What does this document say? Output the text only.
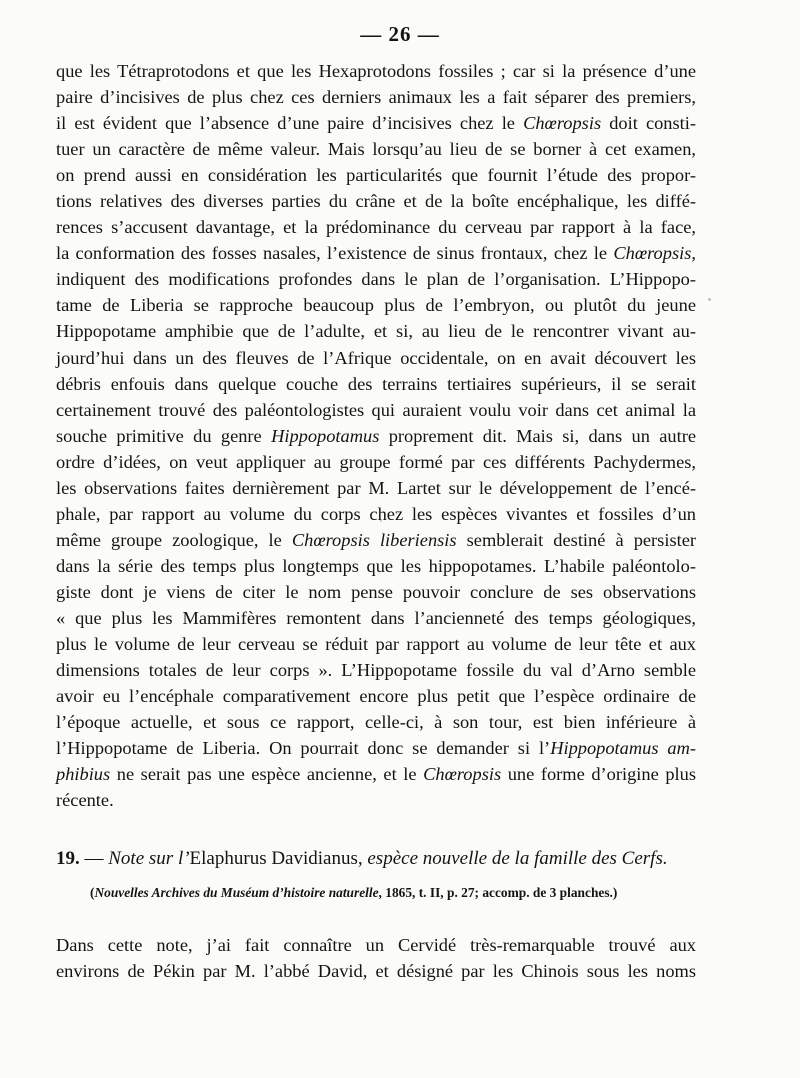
— 26 —
que les Tétraprotodons et que les Hexaprotodons fossiles ; car si la présence d’une
paire d’incisives de plus chez ces derniers animaux les a fait séparer des premiers,
il est évident que l’absence d’une paire d’incisives chez le Chœropsis doit consti-
tuer un caractère de même valeur. Mais lorsqu’au lieu de se borner à cet examen,
on prend aussi en considération les particularités que fournit l’étude des propor-
tions relatives des diverses parties du crâne et de la boîte encéphalique, les diffé-
rences s’accusent davantage, et la prédominance du cerveau par rapport à la face,
la conformation des fosses nasales, l’existence de sinus frontaux, chez le Chœropsis,
indiquent des modifications profondes dans le plan de l’organisation. L’Hippopo-
tame de Liberia se rapproche beaucoup plus de l’embryon, ou plutôt du jeune
Hippopotame amphibie que de l’adulte, et si, au lieu de le rencontrer vivant au-
jourd’hui dans un des fleuves de l’Afrique occidentale, on en avait découvert les
débris enfouis dans quelque couche des terrains tertiaires supérieurs, il se serait
certainement trouvé des paléontologistes qui auraient voulu voir dans cet animal la
souche primitive du genre Hippopotamus proprement dit. Mais si, dans un autre
ordre d’idées, on veut appliquer au groupe formé par ces différents Pachydermes,
les observations faites dernièrement par M. Lartet sur le développement de l’encé-
phale, par rapport au volume du corps chez les espèces vivantes et fossiles d’un
même groupe zoologique, le Chœropsis liberiensis semblerait destiné à persister
dans la série des temps plus longtemps que les hippopotames. L’habile paléontolo-
giste dont je viens de citer le nom pense pouvoir conclure de ses observations
« que plus les Mammifères remontent dans l’ancienneté des temps géologiques,
plus le volume de leur cerveau se réduit par rapport au volume de leur tête et aux
dimensions totales de leur corps ». L’Hippopotame fossile du val d’Arno semble
avoir eu l’encéphale comparativement encore plus petit que l’espèce ordinaire de
l’époque actuelle, et sous ce rapport, celle-ci, à son tour, est bien inférieure à
l’Hippopotame de Liberia. On pourrait donc se demander si l’Hippopotamus am-
phibius ne serait pas une espèce ancienne, et le Chœropsis une forme d’origine plus
récente.
19. — Note sur l’Elaphurus Davidianus, espèce nouvelle de la famille des Cerfs.
(Nouvelles Archives du Muséum d’histoire naturelle, 1865, t. II, p. 27; accomp. de 3 planches.)
Dans cette note, j’ai fait connaître un Cervidé très-remarquable trouvé aux
environs de Pékin par M. l’abbé David, et désigné par les Chinois sous les noms
